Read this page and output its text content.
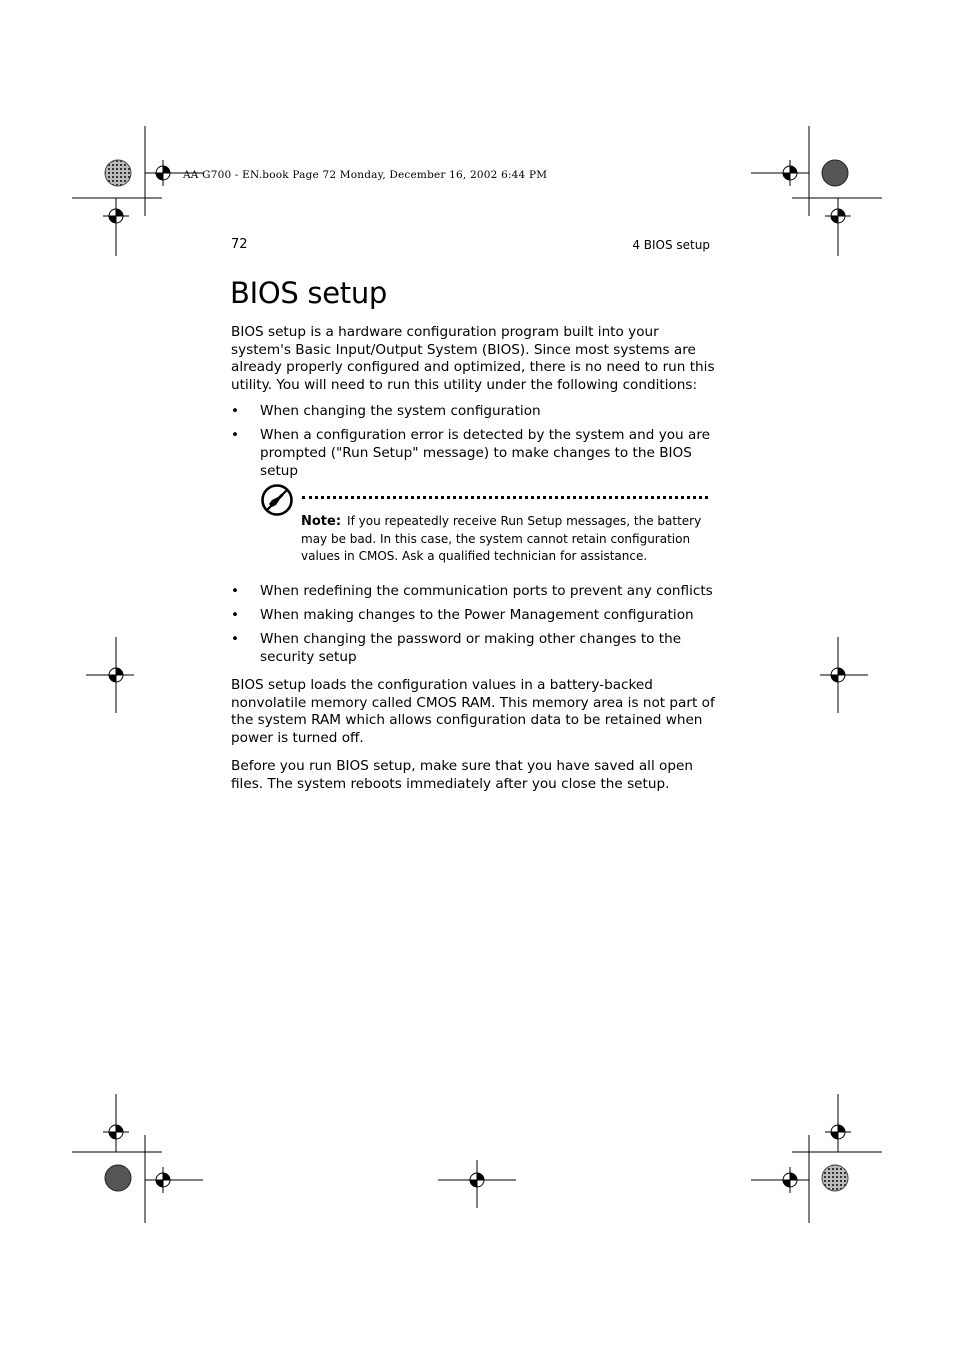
AA G700 - EN.book Page 72 Monday, December 16, 2002 6:44 PM
72	4 BIOS setup
BIOS setup

BIOS setup is a hardware configuration program built into your system's Basic Input/Output System (BIOS). Since most systems are already properly configured and optimized, there is no need to run this utility. You will need to run this utility under the following conditions:

• When changing the system configuration
• When a configuration error is detected by the system and you are prompted ("Run Setup" message) to make changes to the BIOS setup

Note: If you repeatedly receive Run Setup messages, the battery may be bad. In this case, the system cannot retain configuration values in CMOS. Ask a qualified technician for assistance.

• When redefining the communication ports to prevent any conflicts
• When making changes to the Power Management configuration
• When changing the password or making other changes to the security setup

BIOS setup loads the configuration values in a battery-backed nonvolatile memory called CMOS RAM. This memory area is not part of the system RAM which allows configuration data to be retained when power is turned off.

Before you run BIOS setup, make sure that you have saved all open files. The system reboots immediately after you close the setup.
